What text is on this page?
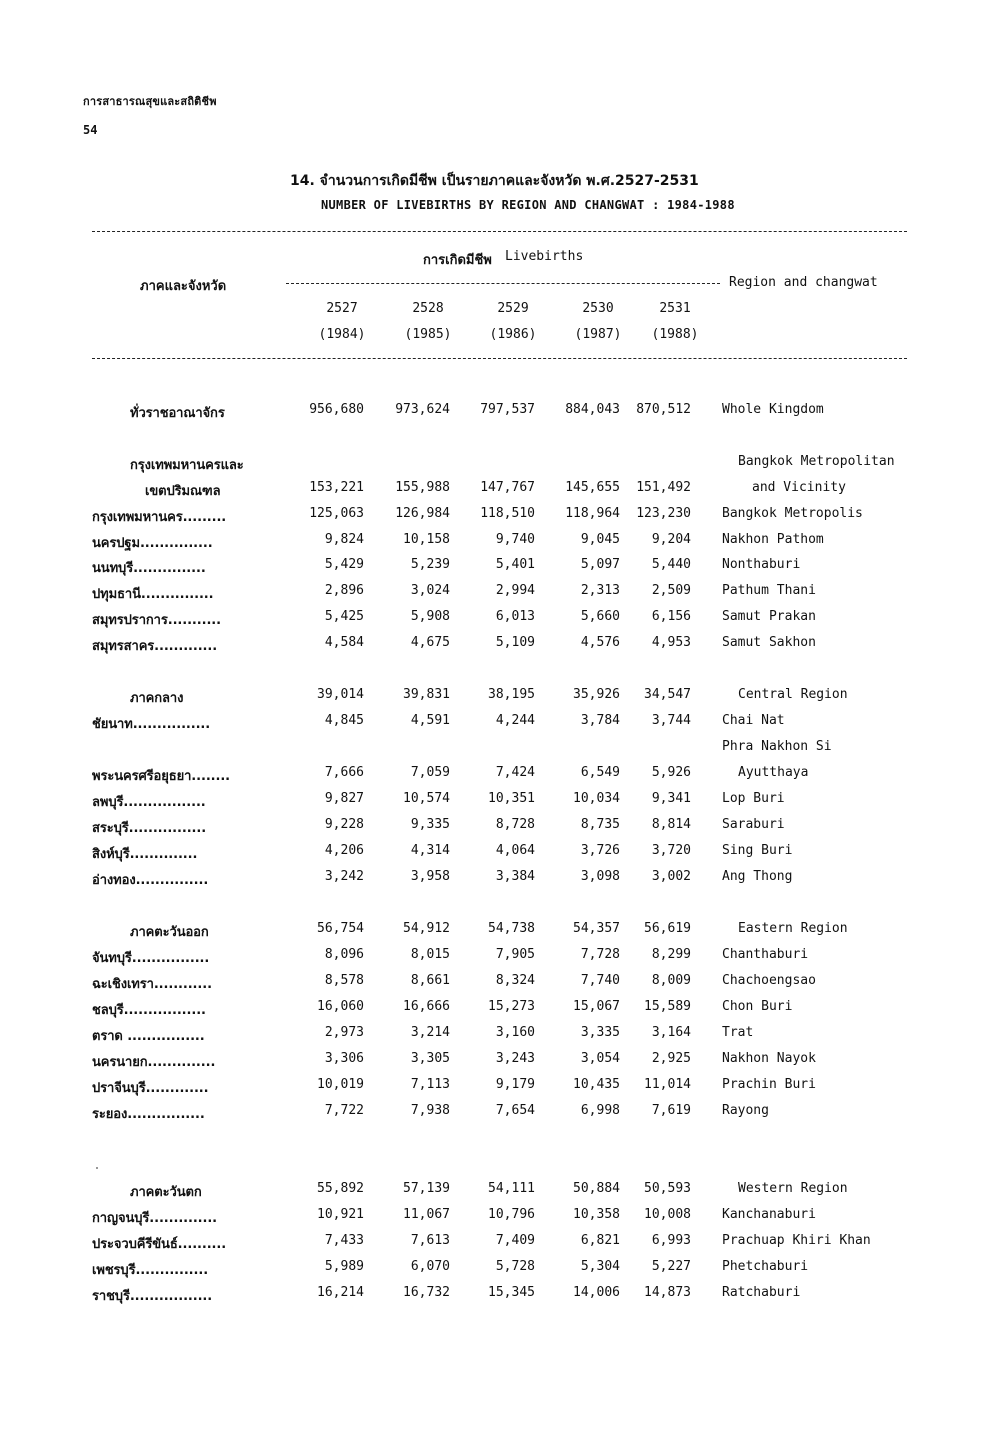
การสาธารณสุขและสถิติชีพ
54
14. จำนวนการเกิดมีชีพ เป็นรายภาคและจังหวัด พ.ศ.2527-2531
NUMBER OF LIVEBIRTHS BY REGION AND CHANGWAT : 1984-1988
การเกิดมีชีพ Livebirths
ภาคและจังหวัด	Region and changwat
2527	2528	2529	2530	2531
(1984)	(1985)	(1986)	(1987)	(1988)
ทั่วราชอาณาจักร	956,680	973,624	797,537	884,043	870,512 Whole Kingdom
กรุงเทพมหานครและ	Bangkok Metropolitan
เขตปริมณฑล	153,221	155,988	147,767	145,655	151,492	and Vicinity
กรุงเทพมหานคร.........	125,063	126,984	118,510	118,964	123,230 Bangkok Metropolis
นครปฐม...............	9,824	10,158	9,740	9,045	9,204 Nakhon Pathom
นนทบุรี...............	5,429	5,239	5,401	5,097	5,440 Nonthaburi
ปทุมธานี...............	2,896	3,024	2,994	2,313	2,509 Pathum Thani
สมุทรปราการ...........	5,425	5,908	6,013	5,660	6,156 Samut Prakan
สมุทรสาคร.............	4,584	4,675	5,109	4,576	4,953 Samut Sakhon
ภาคกลาง	39,014	39,831	38,195	35,926	34,547	Central Region
ชัยนาท................	4,845	4,591	4,244	3,784	3,744 Chai Nat
Phra Nakhon Si
พระนครศรีอยุธยา........	7,666	7,059	7,424	6,549	5,926	Ayutthaya
ลพบุรี.................	9,827	10,574	10,351	10,034	9,341 Lop Buri
สระบุรี................	9,228	9,335	8,728	8,735	8,814 Saraburi
สิงห์บุรี..............	4,206	4,314	4,064	3,726	3,720 Sing Buri
อ่างทอง...............	3,242	3,958	3,384	3,098	3,002 Ang Thong
ภาคตะวันออก	56,754	54,912	54,738	54,357	56,619	Eastern Region
จันทบุรี................	8,096	8,015	7,905	7,728	8,299 Chanthaburi
ฉะเชิงเทรา............	8,578	8,661	8,324	7,740	8,009 Chachoengsao
ชลบุรี.................	16,060	16,666	15,273	15,067	15,589 Chon Buri
ตราด ................	2,973	3,214	3,160	3,335	3,164 Trat
นครนายก..............	3,306	3,305	3,243	3,054	2,925 Nakhon Nayok
ปราจีนบุรี.............	10,019	7,113	9,179	10,435	11,014 Prachin Buri
ระยอง................	7,722	7,938	7,654	6,998	7,619 Rayong
ภาคตะวันตก	55,892	57,139	54,111	50,884	50,593	Western Region
กาญจนบุรี..............	10,921	11,067	10,796	10,358	10,008 Kanchanaburi
ประจวบคีรีขันธ์..........	7,433	7,613	7,409	6,821	6,993 Prachuap Khiri Khan
เพชรบุรี...............	5,989	6,070	5,728	5,304	5,227 Phetchaburi
ราชบุรี.................	16,214	16,732	15,345	14,006	14,873 Ratchaburi
